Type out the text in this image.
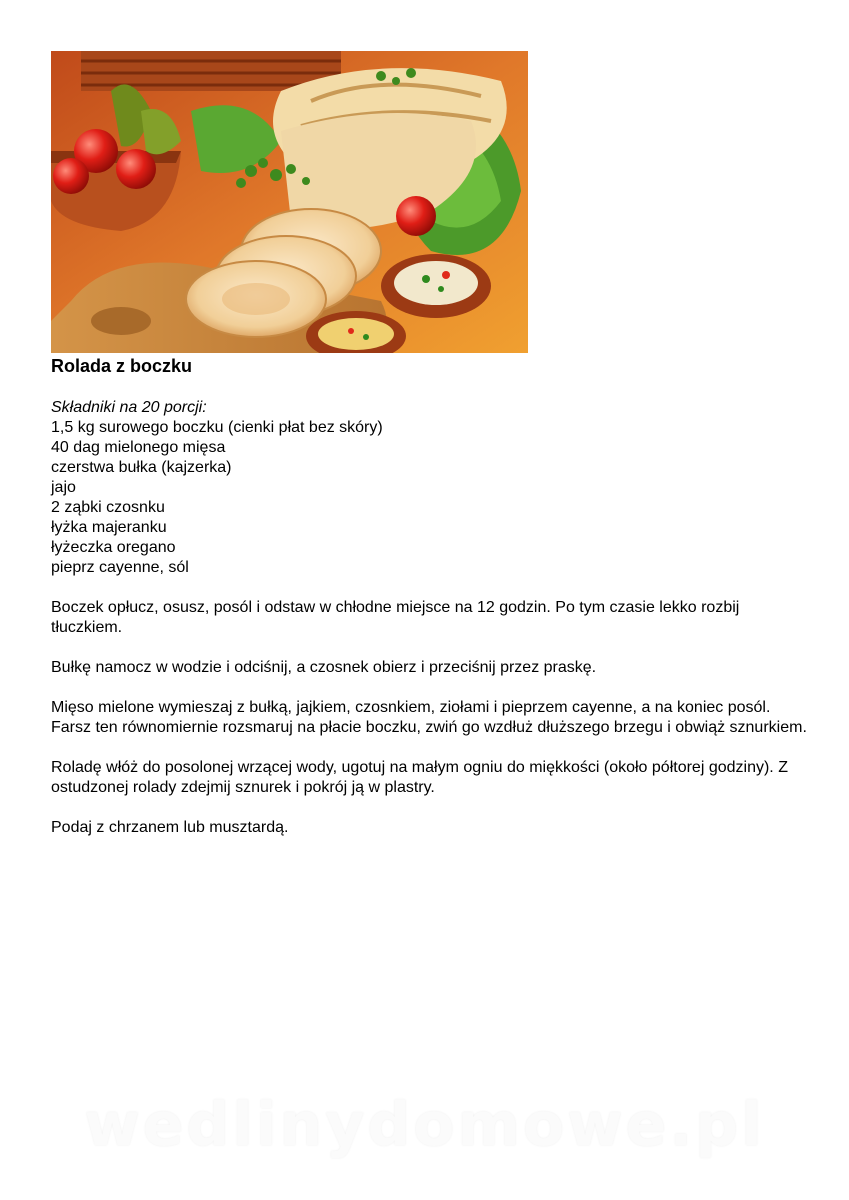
Rolada z boczku
Składniki na 20 porcji:
1,5 kg surowego boczku (cienki płat bez skóry)
40 dag mielonego mięsa
czerstwa bułka (kajzerka)
jajo
2 ząbki czosnku
łyżka majeranku
łyżeczka oregano
pieprz cayenne, sól

Boczek opłucz, osusz, posól i odstaw w chłodne miejsce na 12 godzin. Po tym czasie lekko rozbij tłuczkiem.

Bułkę namocz w wodzie i odciśnij, a czosnek obierz i przeciśnij przez praskę.

Mięso mielone wymieszaj z bułką, jajkiem, czosnkiem, ziołami i pieprzem cayenne, a na koniec posól. Farsz ten równomiernie rozsmaruj na płacie boczku, zwiń go wzdłuż dłuższego brzegu i obwiąż sznurkiem.

Roladę włóż do posolonej wrzącej wody, ugotuj na małym ogniu do miękkości (około półtorej godziny). Z ostudzonej rolady zdejmij sznurek i pokrój ją w plastry.

Podaj z chrzanem lub musztardą.

wedlinydomowe.pl
